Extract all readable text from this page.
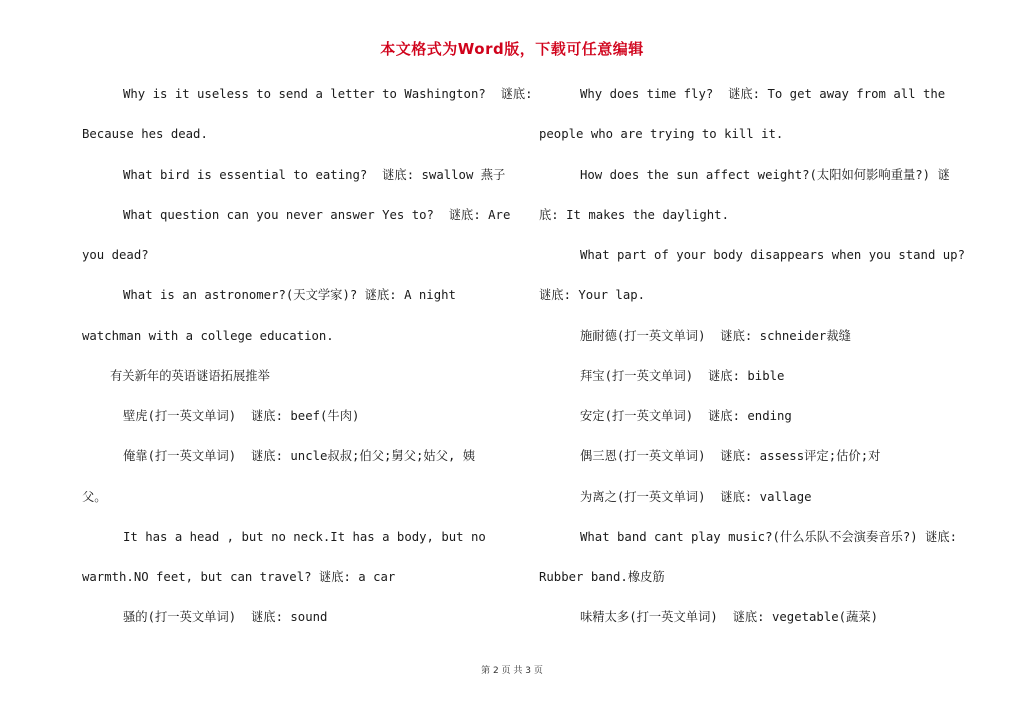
本文格式为Word版，下载可任意编辑
Why is it useless to send a letter to Washington?  谜底:
Because hes dead.
What bird is essential to eating?  谜底: swallow 燕子
What question can you never answer Yes to?  谜底: Are
you dead?
What is an astronomer?(天文学家)? 谜底: A night
watchman with a college education.
有关新年的英语谜语拓展推举
壁虎(打一英文单词)  谜底: beef(牛肉)
俺靠(打一英文单词)  谜底: uncle叔叔;伯父;舅父;姑父, 姨
父。
It has a head , but no neck.It has a body, but no
warmth.NO feet, but can travel? 谜底: a car
骚的(打一英文单词)  谜底: sound
Why does time fly?  谜底: To get away from all the
people who are trying to kill it.
How does the sun affect weight?(太阳如何影响重量?) 谜
底: It makes the daylight.
What part of your body disappears when you stand up?
谜底: Your lap.
施耐德(打一英文单词)  谜底: schneider裁缝
拜宝(打一英文单词)  谜底: bible
安定(打一英文单词)  谜底: ending
偶三恩(打一英文单词)  谜底: assess评定;估价;对
为离之(打一英文单词)  谜底: vallage
What band cant play music?(什么乐队不会演奏音乐?) 谜底:
Rubber band.橡皮筋
味精太多(打一英文单词)  谜底: vegetable(蔬菜)
第 2 页 共 3 页
